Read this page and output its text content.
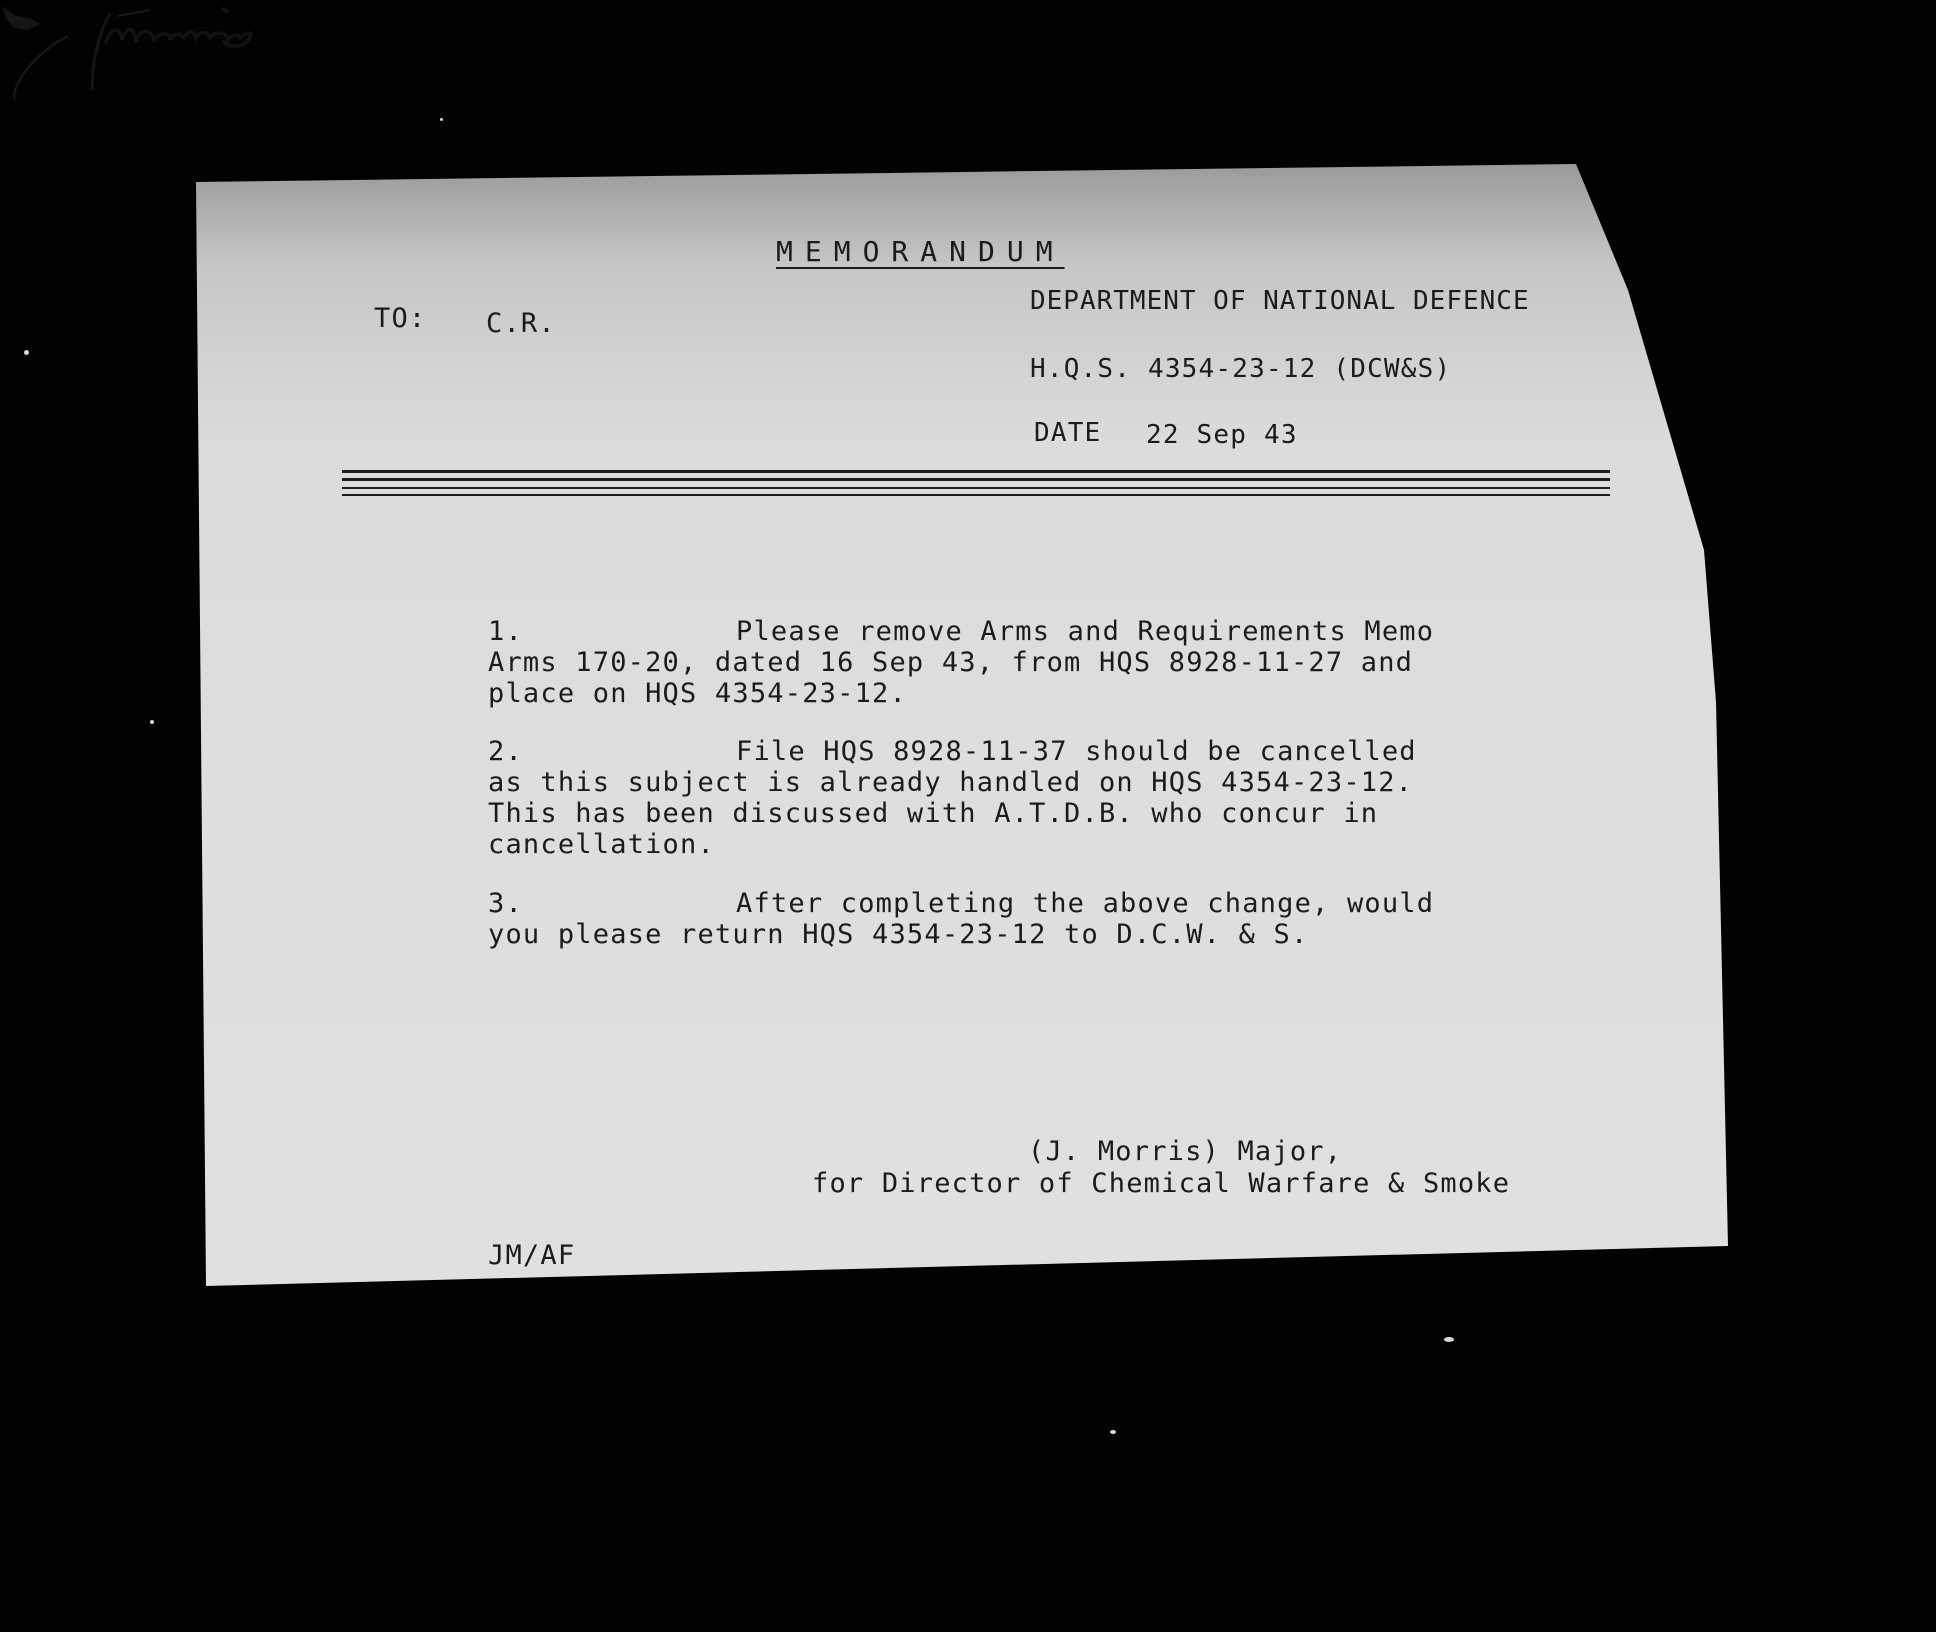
MEMORANDUM
TO: C.R.
DEPARTMENT OF NATIONAL DEFENCE
H.Q.S. 4354-23-12 (DCW&S)
DATE 22 Sep 43
1.	Please remove Arms and Requirements Memo
Arms 170-20, dated 16 Sep 43, from HQS 8928-11-27 and
place on HQS 4354-23-12.
2.	File HQS 8928-11-37 should be cancelled
as this subject is already handled on HQS 4354-23-12.
This has been discussed with A.T.D.B. who concur in
cancellation.
3.	After completing the above change, would
you please return HQS 4354-23-12 to D.C.W. & S.
(J. Morris) Major,
for Director of Chemical Warfare & Smoke
JM/AF
